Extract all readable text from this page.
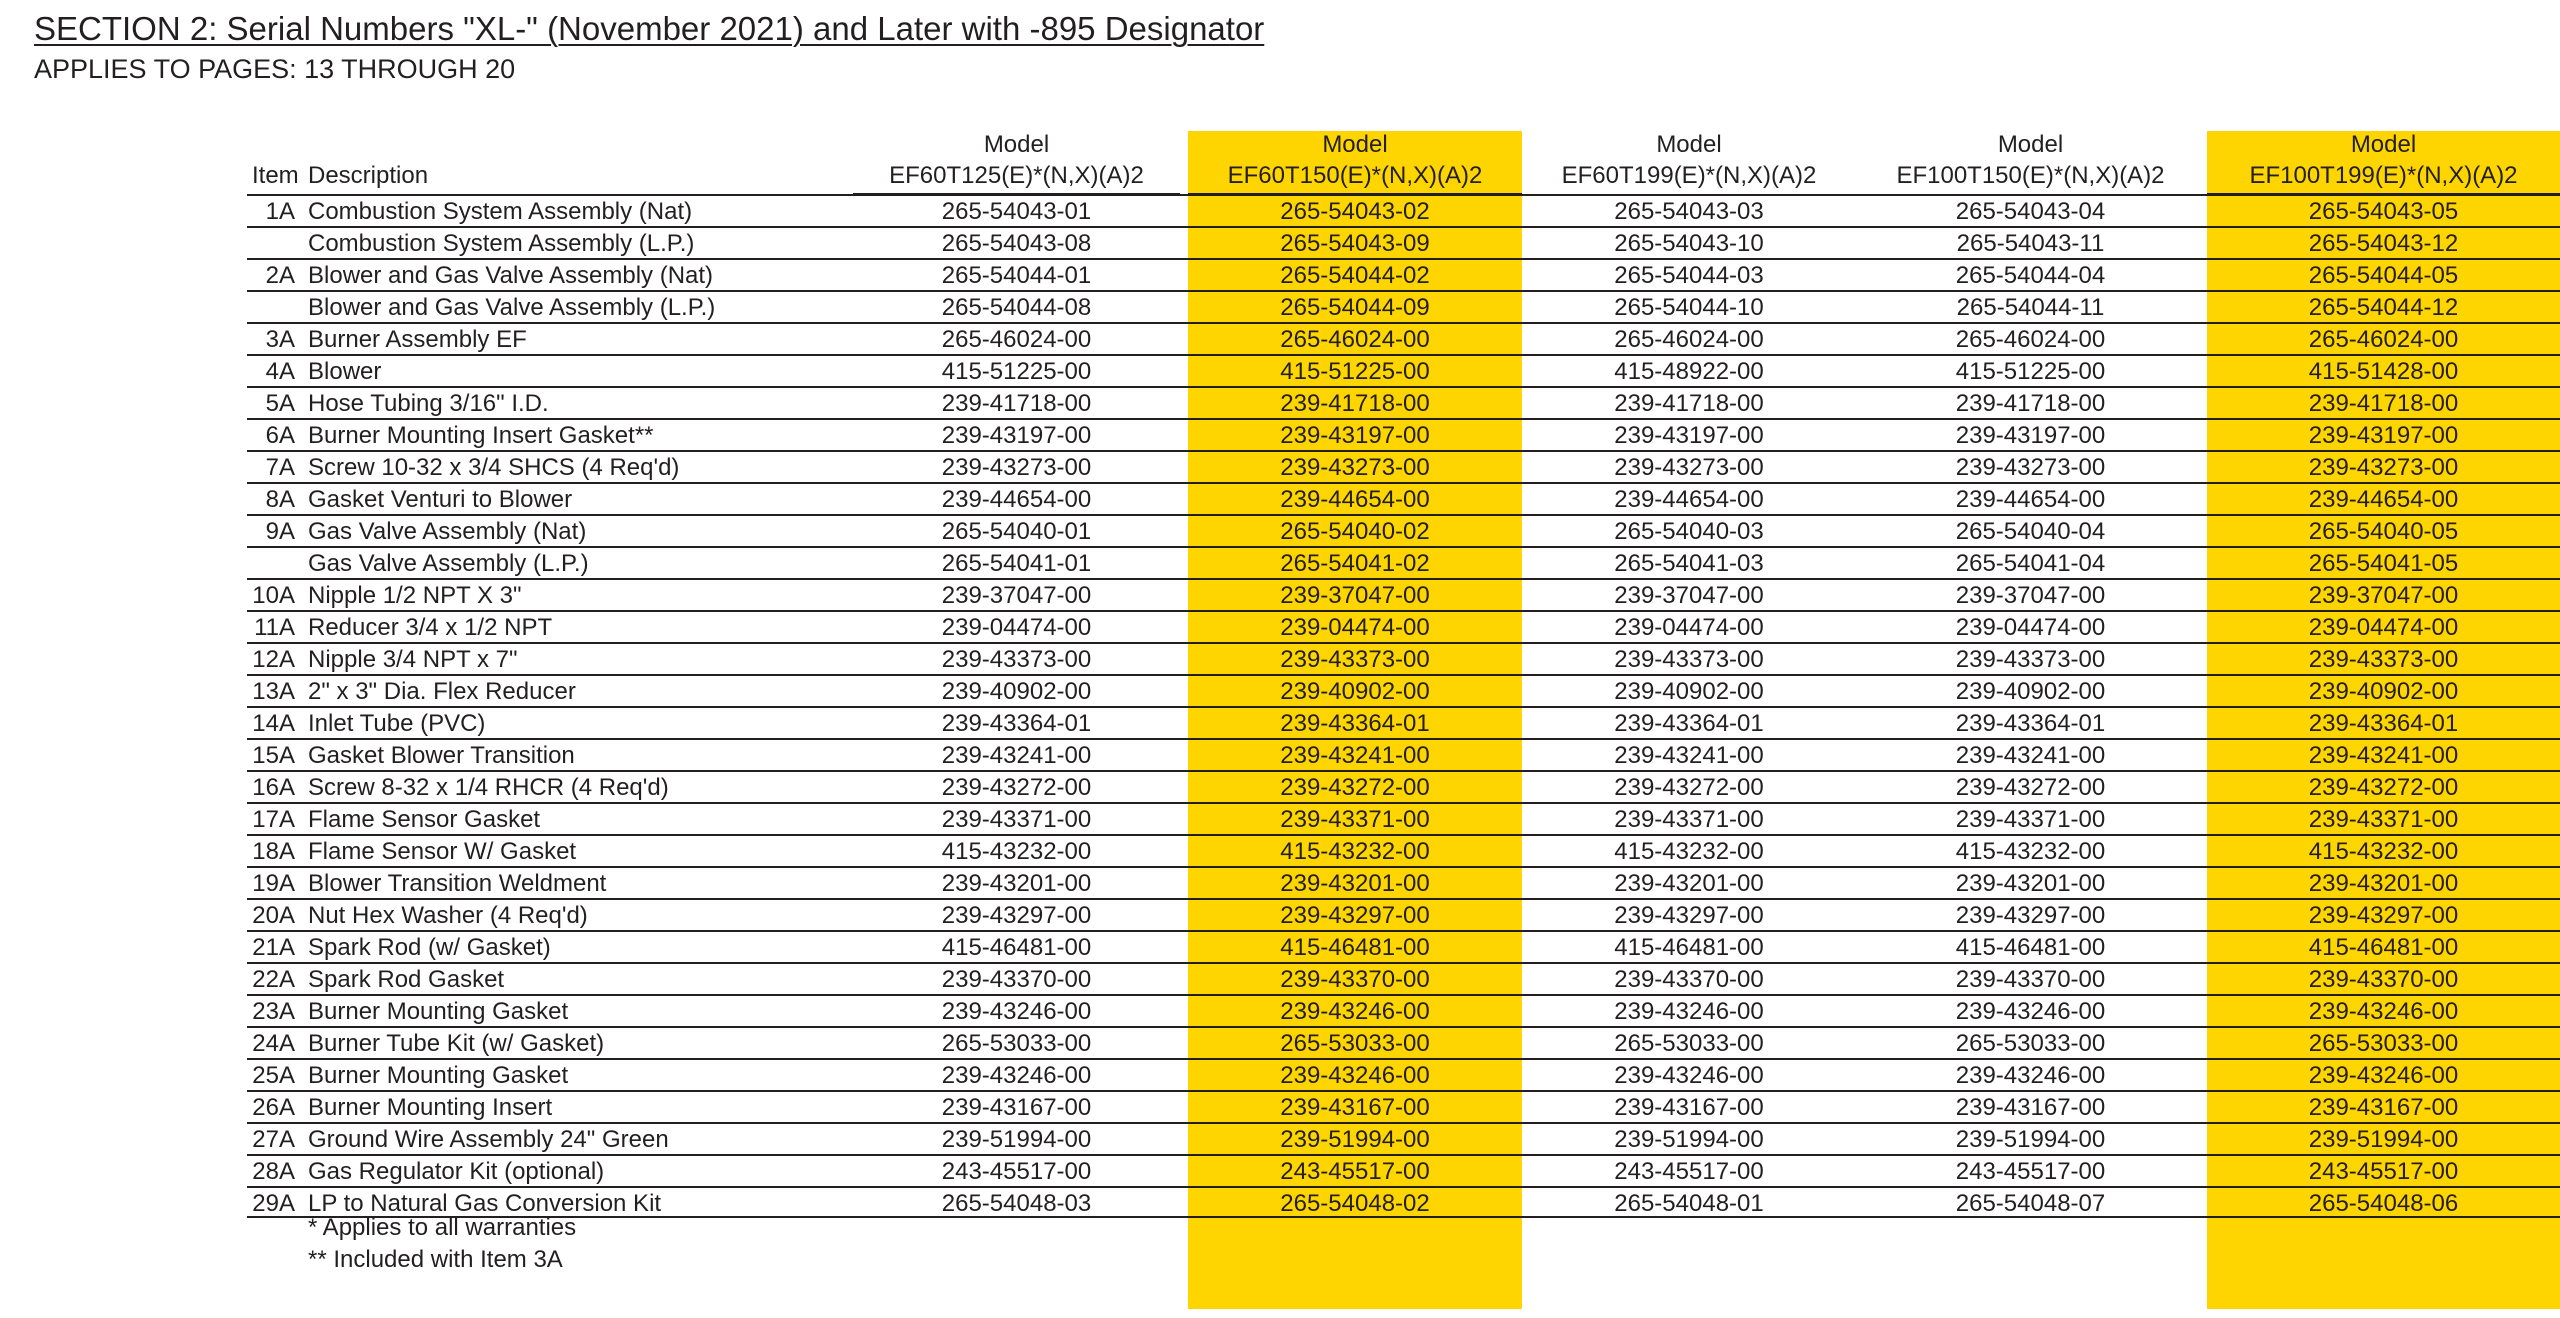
SECTION 2: Serial Numbers "XL-" (November 2021) and Later with -895 Designator
APPLIES TO PAGES: 13 THROUGH 20
Item Description
Model
EF60T125(E)*(N,X)(A)2
Model
EF60T150(E)*(N,X)(A)2
Model
EF60T199(E)*(N,X)(A)2
Model
EF100T150(E)*(N,X)(A)2
Model
EF100T199(E)*(N,X)(A)2
1A Combustion System Assembly (Nat)	265-54043-01	265-54043-02	265-54043-03	265-54043-04	265-54043-05
Combustion System Assembly (L.P.)	265-54043-08	265-54043-09	265-54043-10	265-54043-11	265-54043-12
2A Blower and Gas Valve Assembly (Nat)	265-54044-01	265-54044-02	265-54044-03	265-54044-04	265-54044-05
Blower and Gas Valve Assembly (L.P.)	265-54044-08	265-54044-09	265-54044-10	265-54044-11	265-54044-12
3A Burner Assembly EF	265-46024-00	265-46024-00	265-46024-00	265-46024-00	265-46024-00
4A Blower	415-51225-00	415-51225-00	415-48922-00	415-51225-00	415-51428-00
5A Hose Tubing 3/16" I.D.	239-41718-00	239-41718-00	239-41718-00	239-41718-00	239-41718-00
6A Burner Mounting Insert Gasket**	239-43197-00	239-43197-00	239-43197-00	239-43197-00	239-43197-00
7A Screw 10-32 x 3/4 SHCS (4 Req'd)	239-43273-00	239-43273-00	239-43273-00	239-43273-00	239-43273-00
8A Gasket Venturi to Blower	239-44654-00	239-44654-00	239-44654-00	239-44654-00	239-44654-00
9A Gas Valve Assembly (Nat)	265-54040-01	265-54040-02	265-54040-03	265-54040-04	265-54040-05
Gas Valve Assembly (L.P.)	265-54041-01	265-54041-02	265-54041-03	265-54041-04	265-54041-05
10A Nipple 1/2 NPT X 3"	239-37047-00	239-37047-00	239-37047-00	239-37047-00	239-37047-00
11A Reducer 3/4 x 1/2 NPT	239-04474-00	239-04474-00	239-04474-00	239-04474-00	239-04474-00
12A Nipple 3/4 NPT x 7"	239-43373-00	239-43373-00	239-43373-00	239-43373-00	239-43373-00
13A 2" x 3" Dia. Flex Reducer	239-40902-00	239-40902-00	239-40902-00	239-40902-00	239-40902-00
14A Inlet Tube (PVC)	239-43364-01	239-43364-01	239-43364-01	239-43364-01	239-43364-01
15A Gasket Blower Transition	239-43241-00	239-43241-00	239-43241-00	239-43241-00	239-43241-00
16A Screw 8-32 x 1/4 RHCR (4 Req'd)	239-43272-00	239-43272-00	239-43272-00	239-43272-00	239-43272-00
17A Flame Sensor Gasket	239-43371-00	239-43371-00	239-43371-00	239-43371-00	239-43371-00
18A Flame Sensor W/ Gasket	415-43232-00	415-43232-00	415-43232-00	415-43232-00	415-43232-00
19A Blower Transition Weldment	239-43201-00	239-43201-00	239-43201-00	239-43201-00	239-43201-00
20A Nut Hex Washer (4 Req'd)	239-43297-00	239-43297-00	239-43297-00	239-43297-00	239-43297-00
21A Spark Rod (w/ Gasket)	415-46481-00	415-46481-00	415-46481-00	415-46481-00	415-46481-00
22A Spark Rod Gasket	239-43370-00	239-43370-00	239-43370-00	239-43370-00	239-43370-00
23A Burner Mounting Gasket	239-43246-00	239-43246-00	239-43246-00	239-43246-00	239-43246-00
24A Burner Tube Kit (w/ Gasket)	265-53033-00	265-53033-00	265-53033-00	265-53033-00	265-53033-00
25A Burner Mounting Gasket	239-43246-00	239-43246-00	239-43246-00	239-43246-00	239-43246-00
26A Burner Mounting Insert	239-43167-00	239-43167-00	239-43167-00	239-43167-00	239-43167-00
27A Ground Wire Assembly 24" Green	239-51994-00	239-51994-00	239-51994-00	239-51994-00	239-51994-00
28A Gas Regulator Kit (optional)	243-45517-00	243-45517-00	243-45517-00	243-45517-00	243-45517-00
29A LP to Natural Gas Conversion Kit	265-54048-03	265-54048-02	265-54048-01	265-54048-07	265-54048-06
* Applies to all warranties
** Included with Item 3A
